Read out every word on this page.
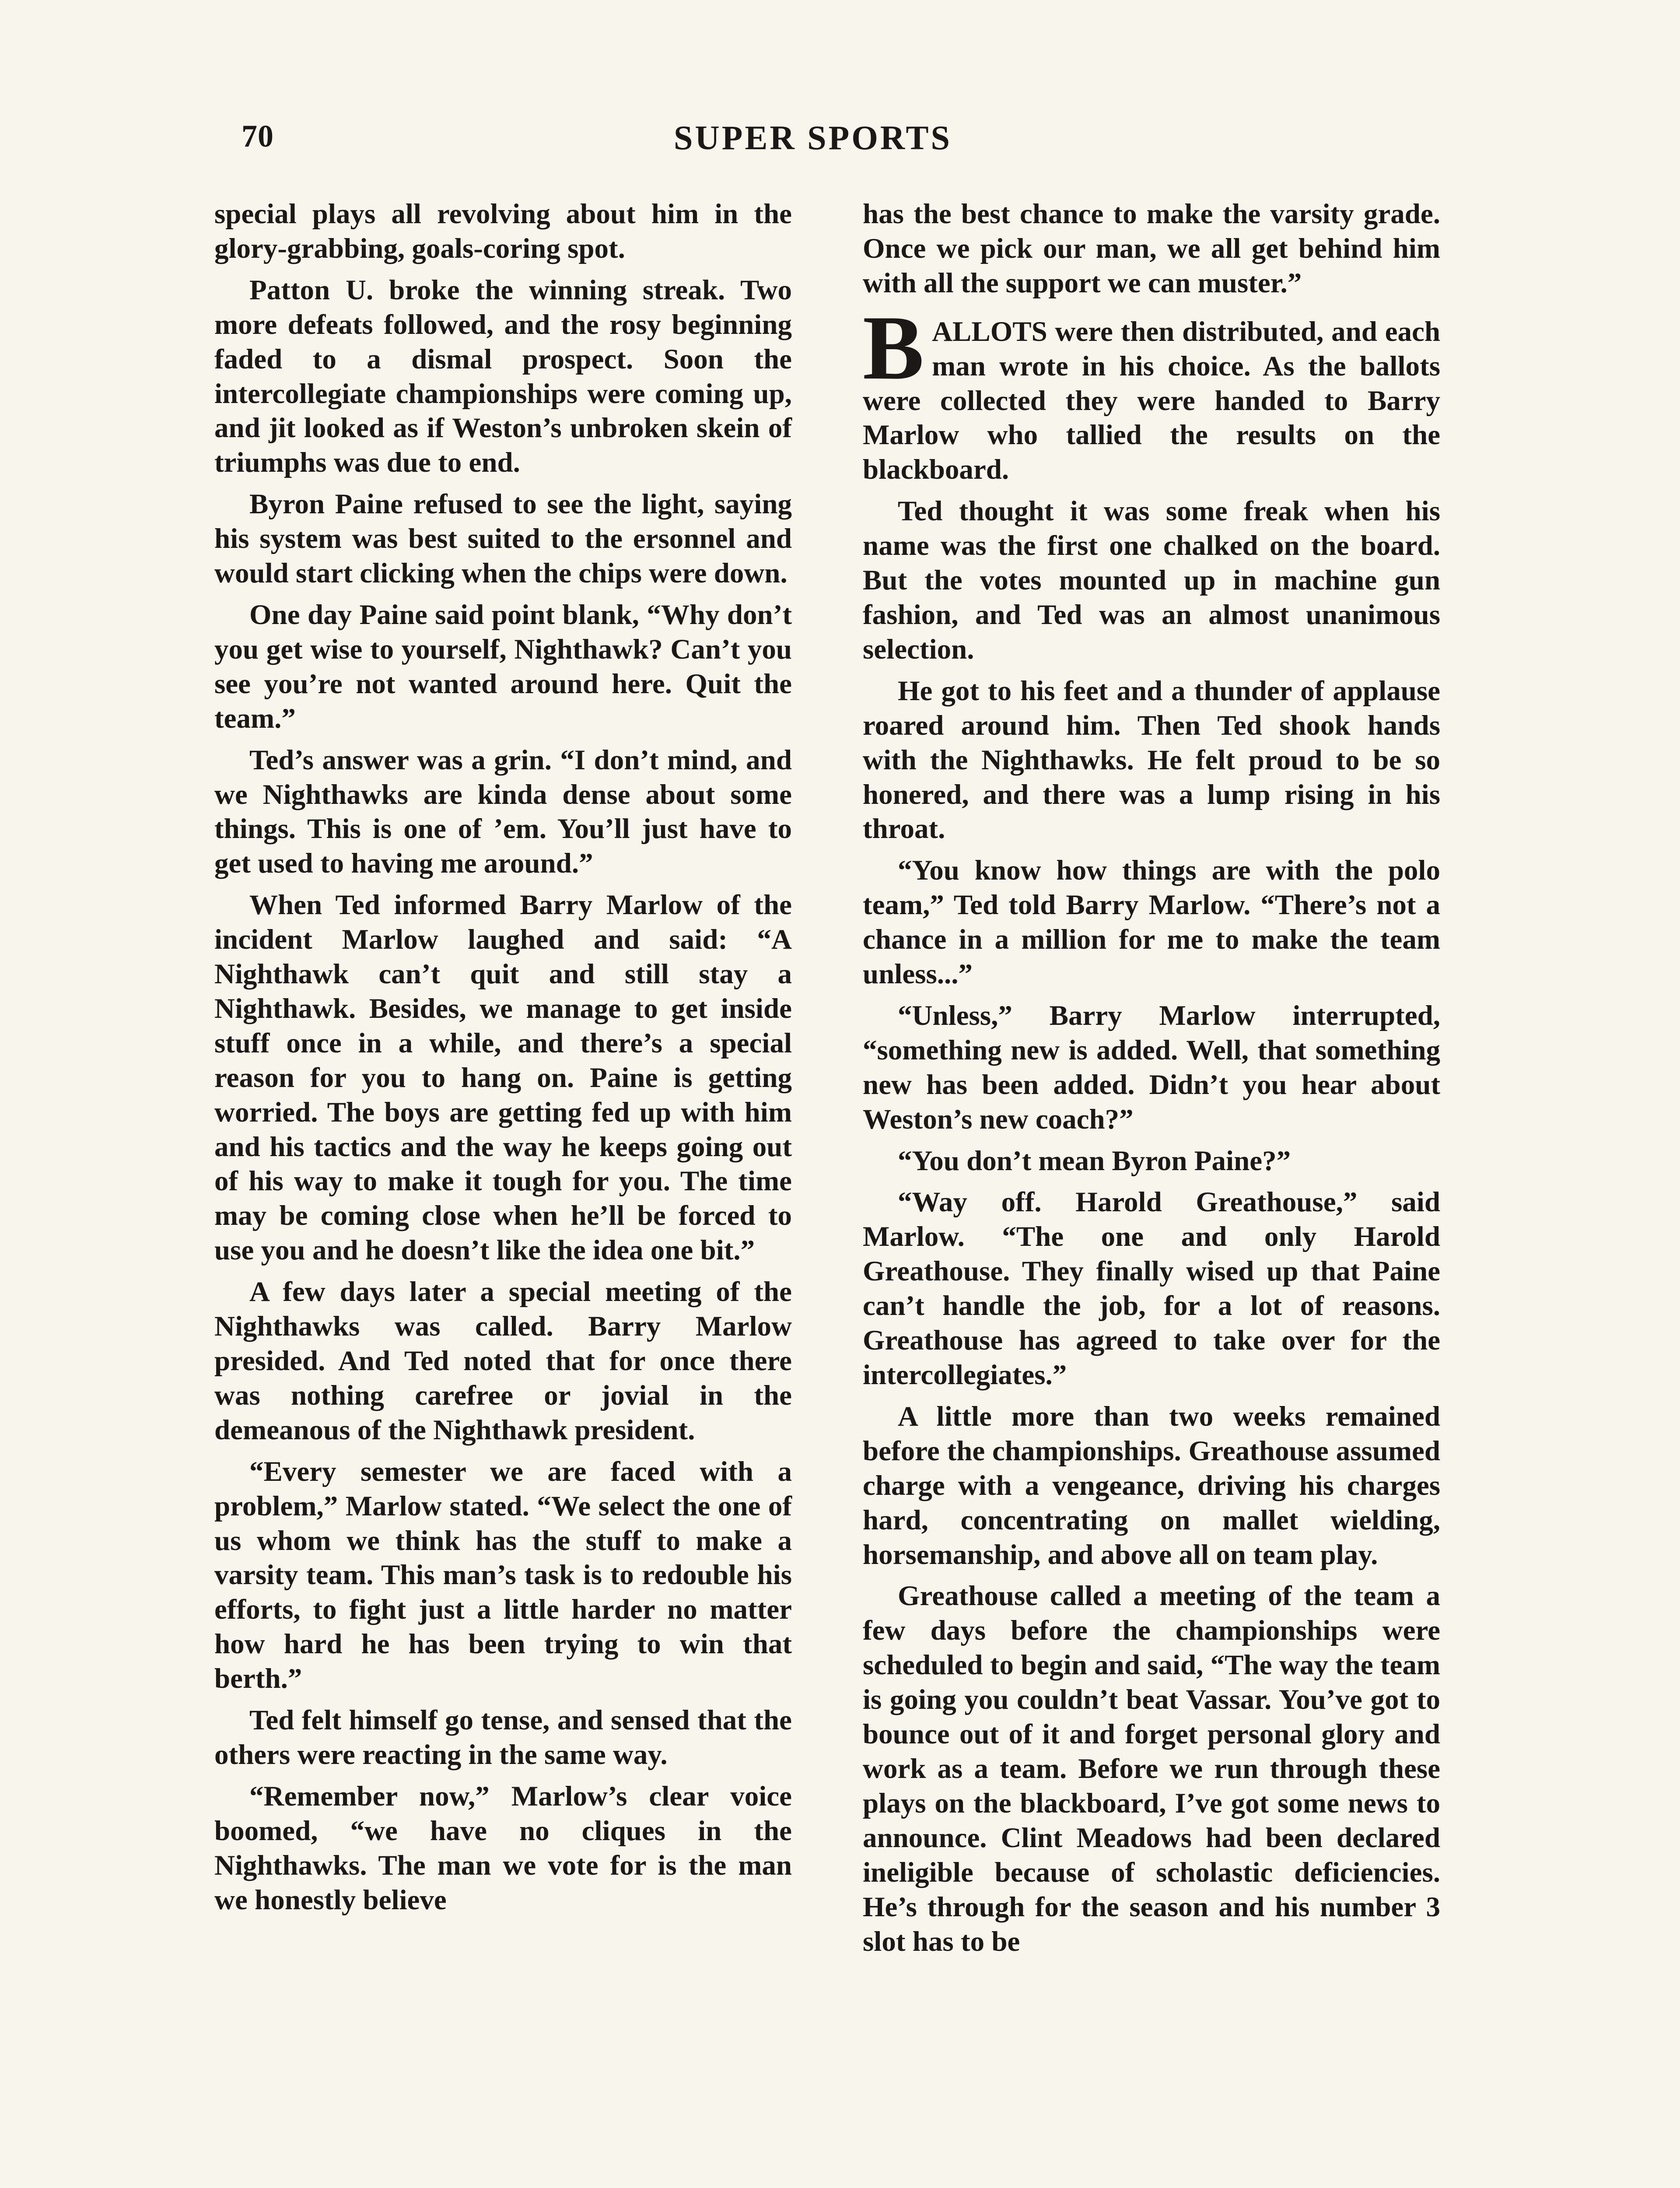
70	SUPER SPORTS

special plays all revolving about him in the glory-grabbing, goals-coring spot.

Patton U. broke the winning streak. Two more defeats followed, and the rosy beginning faded to a dismal prospect. Soon the intercollegiate championships were coming up, and jit looked as if Weston’s unbroken skein of triumphs was due to end.

Byron Paine refused to see the light, saying his system was best suited to the ersonnel and would start clicking when the chips were down.

One day Paine said point blank, “Why don’t you get wise to yourself, Nighthawk? Can’t you see you’re not wanted around here. Quit the team.”

Ted’s answer was a grin. “I don’t mind, and we Nighthawks are kinda dense about some things. This is one of ’em. You’ll just have to get used to having me around.”

When Ted informed Barry Marlow of the incident Marlow laughed and said: “A Nighthawk can’t quit and still stay a Nighthawk. Besides, we manage to get inside stuff once in a while, and there’s a special reason for you to hang on. Paine is getting worried. The boys are getting fed up with him and his tactics and the way he keeps going out of his way to make it tough for you. The time may be coming close when he’ll be forced to use you and he doesn’t like the idea one bit.”

A few days later a special meeting of the Nighthawks was called. Barry Marlow presided. And Ted noted that for once there was nothing carefree or jovial in the demeanous of the Nighthawk president.

“Every semester we are faced with a problem,” Marlow stated. “We select the one of us whom we think has the stuff to make a varsity team. This man’s task is to redouble his efforts, to fight just a little harder no matter how hard he has been trying to win that berth.”

Ted felt himself go tense, and sensed that the others were reacting in the same way.

“Remember now,” Marlow’s clear voice boomed, “we have no cliques in the Nighthawks. The man we vote for is the man we honestly believe

has the best chance to make the varsity grade. Once we pick our man, we all get behind him with all the support we can muster.”

B ALLOTS were then distributed, and each man wrote in his choice. As the ballots were collected they were handed to Barry Marlow who tallied the results on the blackboard.

Ted thought it was some freak when his name was the first one chalked on the board. But the votes mounted up in machine gun fashion, and Ted was an almost unanimous selection.

He got to his feet and a thunder of applause roared around him. Then Ted shook hands with the Nighthawks. He felt proud to be so honered, and there was a lump rising in his throat.

“You know how things are with the polo team,” Ted told Barry Marlow. “There’s not a chance in a million for me to make the team unless...”

“Unless,” Barry Marlow interrupted, “something new is added. Well, that something new has been added. Didn’t you hear about Weston’s new coach?”

“You don’t mean Byron Paine?”

“Way off. Harold Greathouse,” said Marlow. “The one and only Harold Greathouse. They finally wised up that Paine can’t handle the job, for a lot of reasons. Greathouse has agreed to take over for the intercollegiates.”

A little more than two weeks remained before the championships. Greathouse assumed charge with a vengeance, driving his charges hard, concentrating on mallet wielding, horsemanship, and above all on team play.

Greathouse called a meeting of the team a few days before the championships were scheduled to begin and said, “The way the team is going you couldn’t beat Vassar. You’ve got to bounce out of it and forget personal glory and work as a team. Before we run through these plays on the blackboard, I’ve got some news to announce. Clint Meadows had been declared ineligible because of scholastic deficiencies. He’s through for the season and his number 3 slot has to be
